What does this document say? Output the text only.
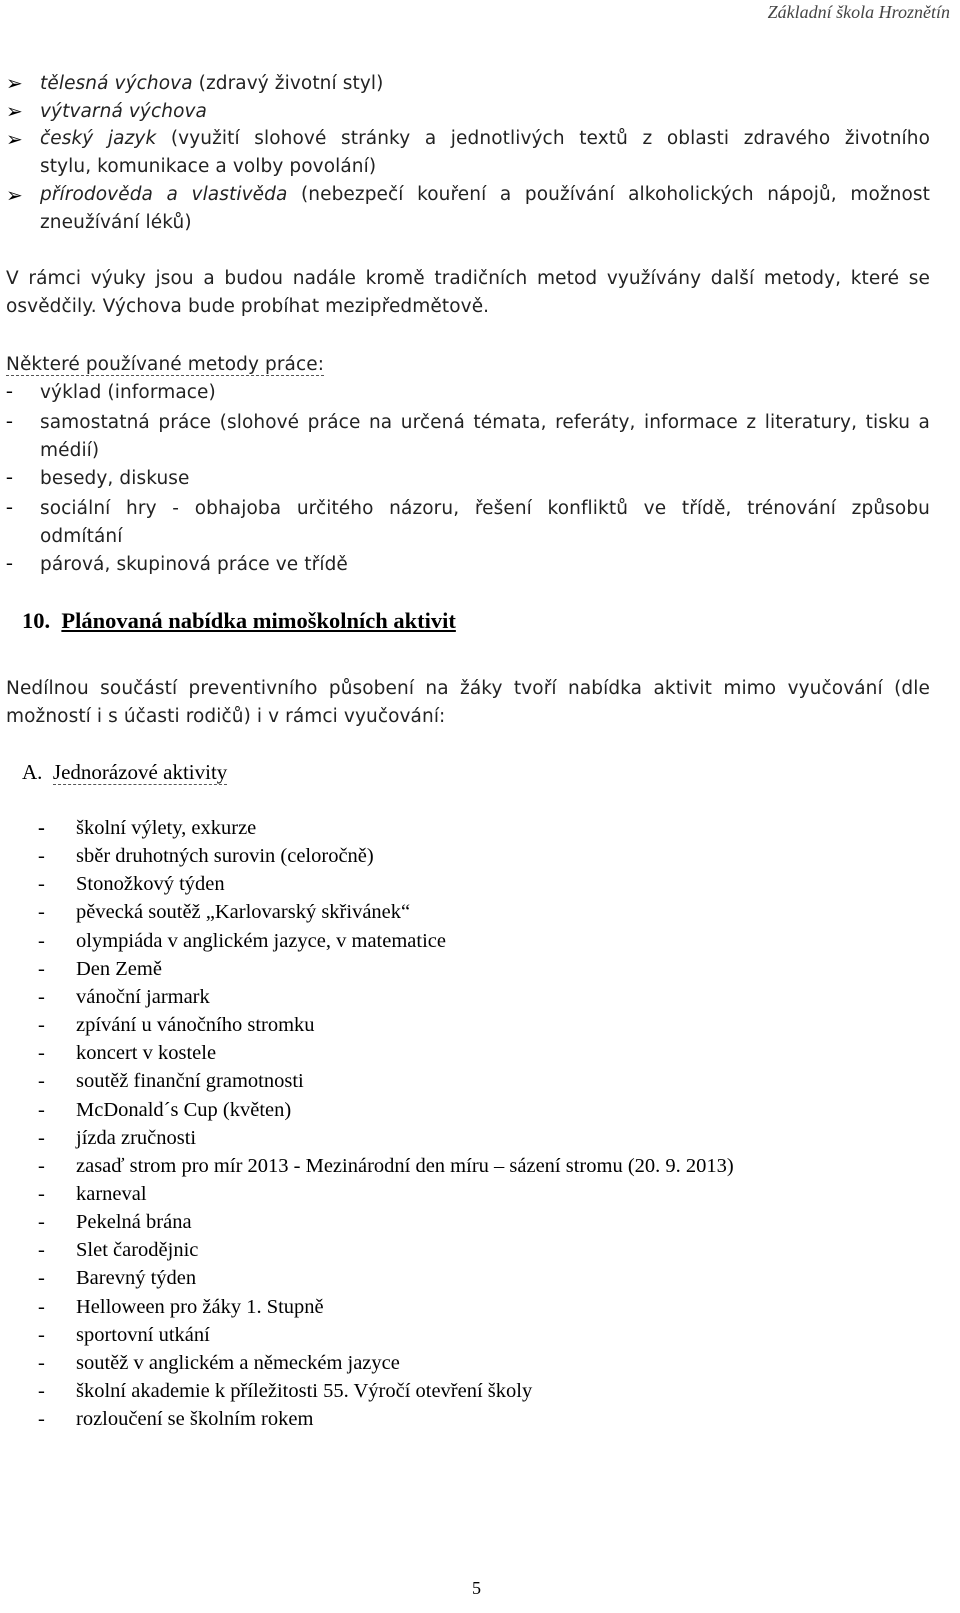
Základní škola Hroznětín
➢ tělesná výchova (zdravý životní styl)
➢ výtvarná výchova
➢ český jazyk (využití slohové stránky a jednotlivých textů z oblasti zdravého životního
stylu, komunikace a volby povolání)
➢ přírodověda a vlastivěda (nebezpečí kouření a používání alkoholických nápojů, možnost
zneužívání léků)
V rámci výuky jsou a budou nadále kromě tradičních metod využívány další metody, které se
osvědčily. Výchova bude probíhat mezipředmětově.
Některé používané metody práce:
- výklad (informace)
- samostatná práce (slohové práce na určená témata, referáty, informace z literatury, tisku a
médií)
- besedy, diskuse
- sociální hry - obhajoba určitého názoru, řešení konfliktů ve třídě, trénování způsobu
odmítání
- párová, skupinová práce ve třídě
10. Plánovaná nabídka mimoškolních aktivit
Nedílnou součástí preventivního působení na žáky tvoří nabídka aktivit mimo vyučování (dle
možností i s účasti rodičů) i v rámci vyučování:
A. Jednorázové aktivity
- školní výlety, exkurze
- sběr druhotných surovin (celoročně)
- Stonožkový týden
- pěvecká soutěž „Karlovarský skřivánek“
- olympiáda v anglickém jazyce, v matematice
- Den Země
- vánoční jarmark
- zpívání u vánočního stromku
- koncert v kostele
- soutěž finanční gramotnosti
- McDonald´s Cup (květen)
- jízda zručnosti
- zasaď strom pro mír 2013 - Mezinárodní den míru – sázení stromu (20. 9. 2013)
- karneval
- Pekelná brána
- Slet čarodějnic
- Barevný týden
- Helloween pro žáky 1. Stupně
- sportovní utkání
- soutěž v anglickém a německém jazyce
- školní akademie k příležitosti 55. Výročí otevření školy
- rozloučení se školním rokem
5
